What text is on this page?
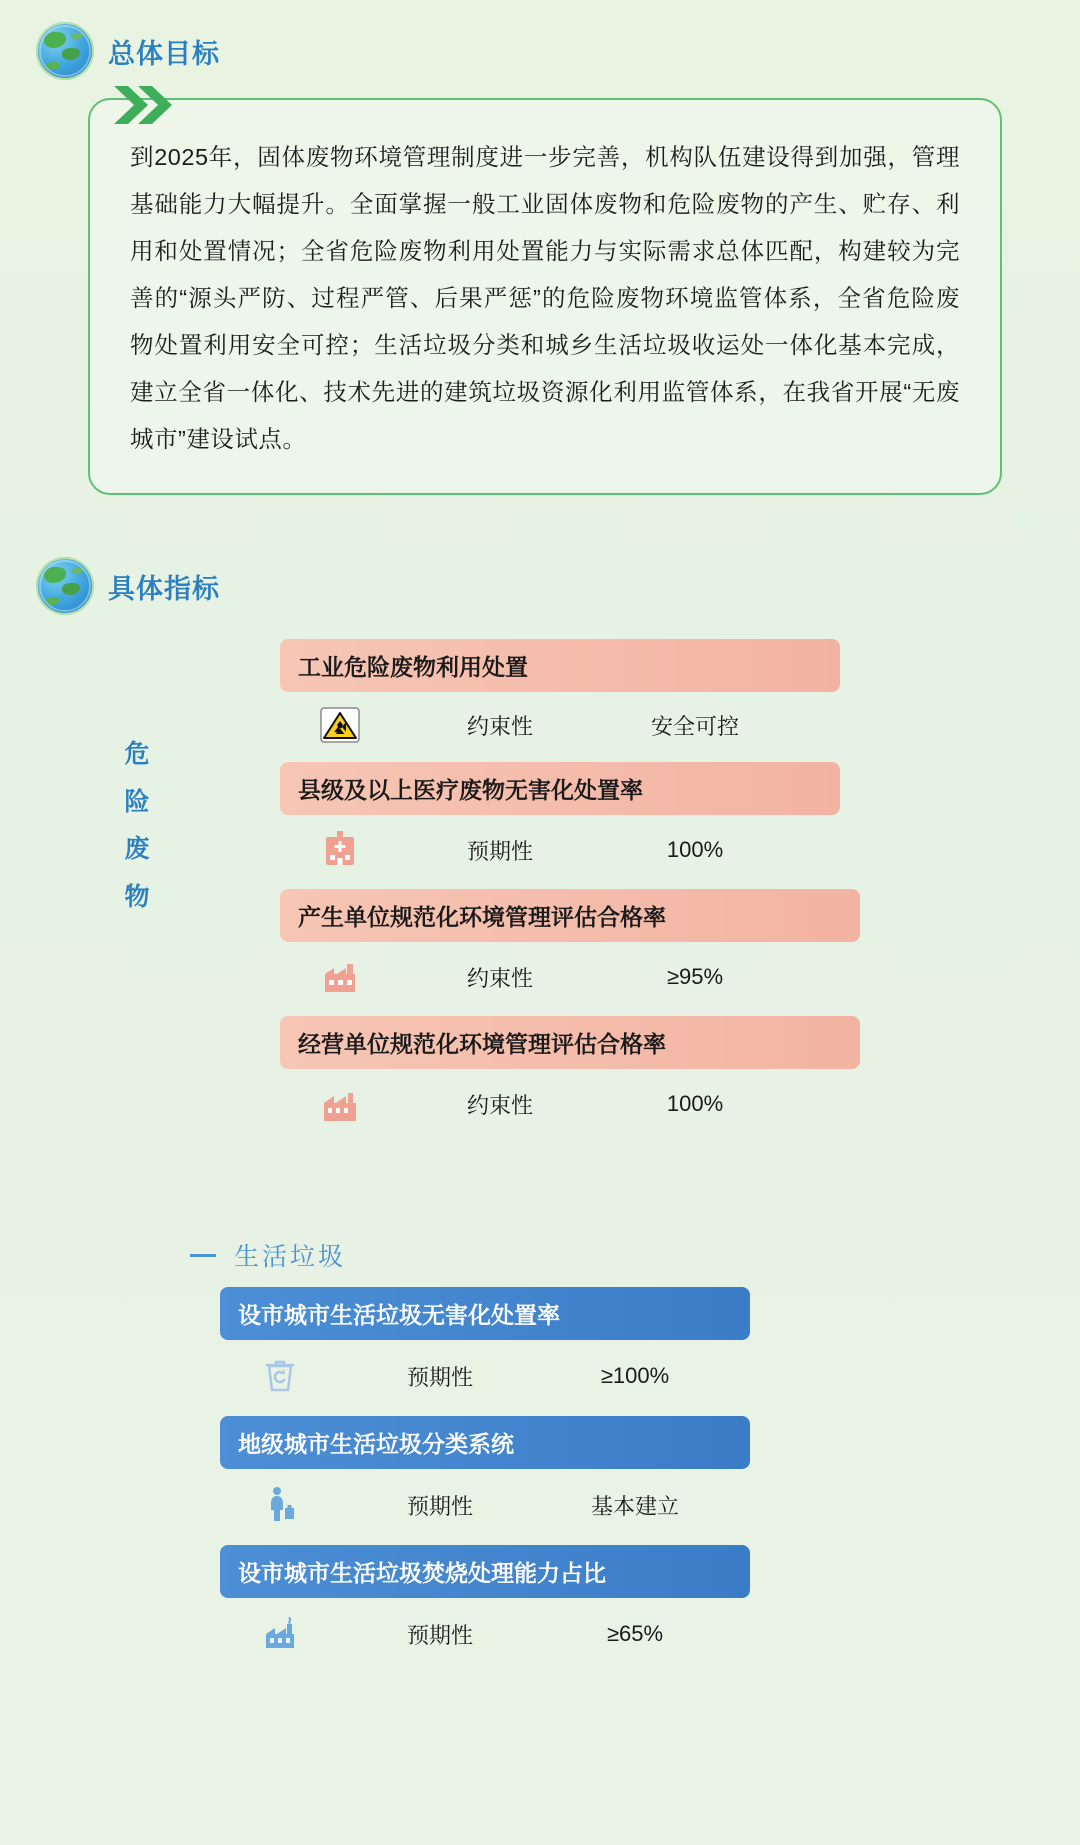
总体目标
到2025年，固体废物环境管理制度进一步完善，机构队伍建设得到加强，管理基础能力大幅提升。全面掌握一般工业固体废物和危险废物的产生、贮存、利用和处置情况；全省危险废物利用处置能力与实际需求总体匹配，构建较为完善的“源头严防、过程严管、后果严惩”的危险废物环境监管体系，全省危险废物处置利用安全可控；生活垃圾分类和城乡生活垃圾收运处一体化基本完成，建立全省一体化、技术先进的建筑垃圾资源化利用监管体系，在我省开展“无废城市”建设试点。
具体指标
危险废物
工业危险废物利用处置
约束性	安全可控
县级及以上医疗废物无害化处置率
预期性	100%
产生单位规范化环境管理评估合格率
约束性	≥95%
经营单位规范化环境管理评估合格率
约束性	100%
生活垃圾
设市城市生活垃圾无害化处置率
预期性	≥100%
地级城市生活垃圾分类系统
预期性	基本建立
设市城市生活垃圾焚烧处理能力占比
预期性	≥65%
